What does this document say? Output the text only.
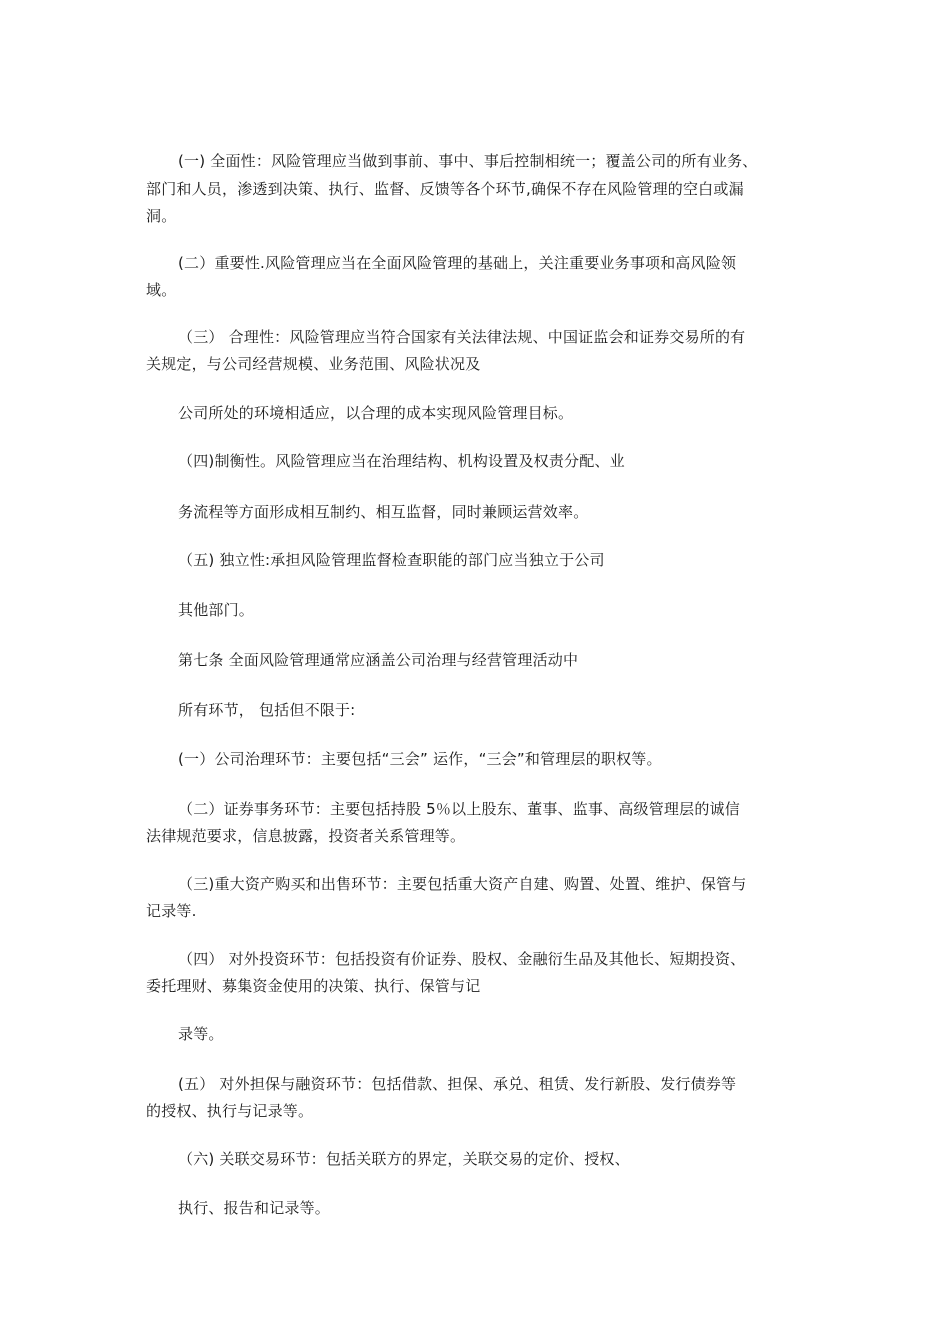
(一) 全面性：风险管理应当做到事前、事中、事后控制相统一；覆盖公司的所有业务、
部门和人员，渗透到决策、执行、监督、反馈等各个环节,确保不存在风险管理的空白或漏
洞。
(二）重要性.风险管理应当在全面风险管理的基础上，关注重要业务事项和高风险领
域。
（三） 合理性：风险管理应当符合国家有关法律法规、中国证监会和证券交易所的有
关规定，与公司经营规模、业务范围、风险状况及
公司所处的环境相适应，以合理的成本实现风险管理目标。
（四)制衡性。风险管理应当在治理结构、机构设置及权责分配、业
务流程等方面形成相互制约、相互监督，同时兼顾运营效率。
（五) 独立性:承担风险管理监督检查职能的部门应当独立于公司
其他部门。
第七条 全面风险管理通常应涵盖公司治理与经营管理活动中
所有环节， 包括但不限于:
(一）公司治理环节：主要包括“三会” 运作，“三会”和管理层的职权等。
（二）证券事务环节：主要包括持股 5％以上股东、董事、监事、高级管理层的诚信
法律规范要求，信息披露，投资者关系管理等。
（三)重大资产购买和出售环节：主要包括重大资产自建、购置、处置、维护、保管与
记录等.
（四） 对外投资环节：包括投资有价证券、股权、金融衍生品及其他长、短期投资、
委托理财、募集资金使用的决策、执行、保管与记
录等。
(五） 对外担保与融资环节：包括借款、担保、承兑、租赁、发行新股、发行债券等
的授权、执行与记录等。
（六) 关联交易环节：包括关联方的界定，关联交易的定价、授权、
执行、报告和记录等。
